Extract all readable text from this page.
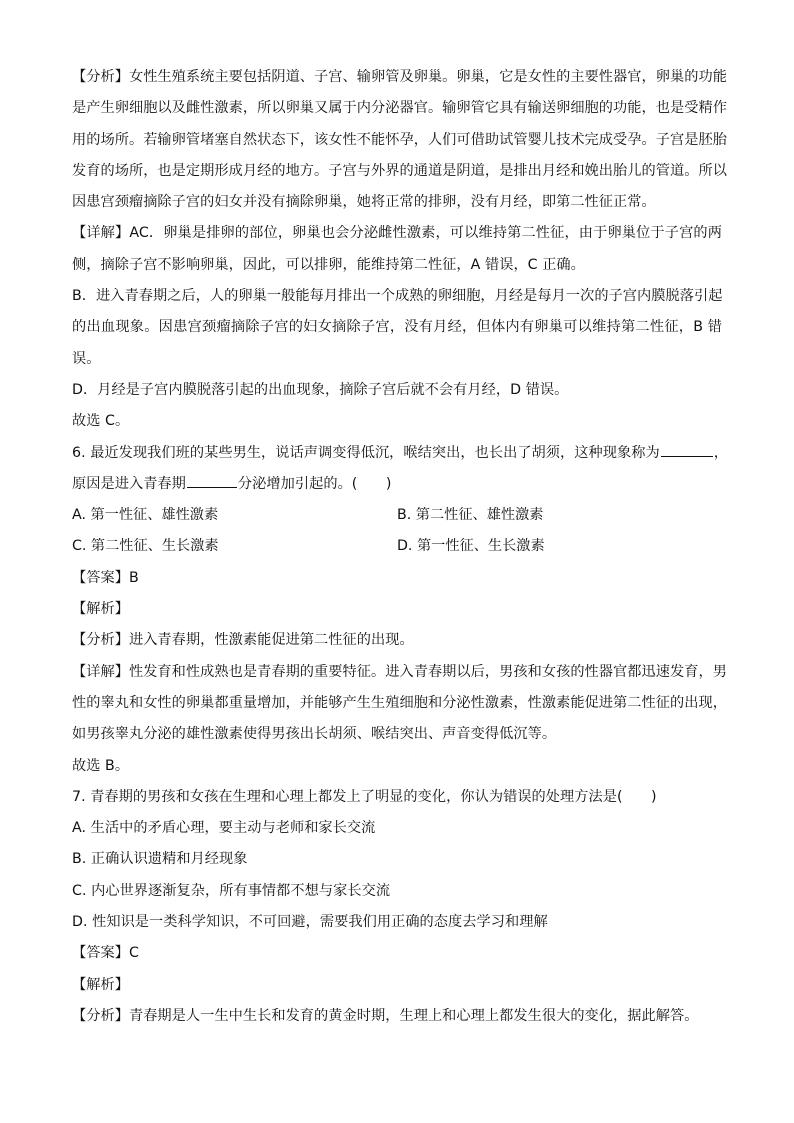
【分析】女性生殖系统主要包括阴道、子宫、输卵管及卵巢。卵巢，它是女性的主要性器官，卵巢的功能
是产生卵细胞以及雌性激素，所以卵巢又属于内分泌器官。输卵管它具有输送卵细胞的功能，也是受精作
用的场所。若输卵管堵塞自然状态下，该女性不能怀孕，人们可借助试管婴儿技术完成受孕。子宫是胚胎
发育的场所，也是定期形成月经的地方。子宫与外界的通道是阴道，是排出月经和娩出胎儿的管道。所以
因患宫颈瘤摘除子宫的妇女并没有摘除卵巢，她将正常的排卵，没有月经，即第二性征正常。
【详解】AC．卵巢是排卵的部位，卵巢也会分泌雌性激素，可以维持第二性征，由于卵巢位于子宫的两
侧，摘除子宫不影响卵巢，因此，可以排卵，能维持第二性征，A 错误，C 正确。
B．进入青春期之后，人的卵巢一般能每月排出一个成熟的卵细胞，月经是每月一次的子宫内膜脱落引起
的出血现象。因患宫颈瘤摘除子宫的妇女摘除子宫，没有月经，但体内有卵巢可以维持第二性征，B 错
误。
D．月经是子宫内膜脱落引起的出血现象，摘除子宫后就不会有月经，D 错误。
故选 C。
6. 最近发现我们班的某些男生，说话声调变得低沉，喉结突出，也长出了胡须，这种现象称为	，
原因是进入青春期	分泌增加引起的。(　　)
A. 第一性征、雄性激素	B. 第二性征、雄性激素
C. 第二性征、生长激素	D. 第一性征、生长激素
【答案】B
【解析】
【分析】进入青春期，性激素能促进第二性征的出现。
【详解】性发育和性成熟也是青春期的重要特征。进入青春期以后，男孩和女孩的性器官都迅速发育，男
性的睾丸和女性的卵巢都重量增加，并能够产生生殖细胞和分泌性激素，性激素能促进第二性征的出现，
如男孩睾丸分泌的雄性激素使得男孩出长胡须、喉结突出、声音变得低沉等。
故选 B。
7. 青春期的男孩和女孩在生理和心理上都发上了明显的变化，你认为错误的处理方法是(　　)
A. 生活中的矛盾心理，要主动与老师和家长交流
B. 正确认识遗精和月经现象
C. 内心世界逐渐复杂，所有事情都不想与家长交流
D. 性知识是一类科学知识，不可回避，需要我们用正确的态度去学习和理解
【答案】C
【解析】
【分析】青春期是人一生中生长和发育的黄金时期，生理上和心理上都发生很大的变化，据此解答。
